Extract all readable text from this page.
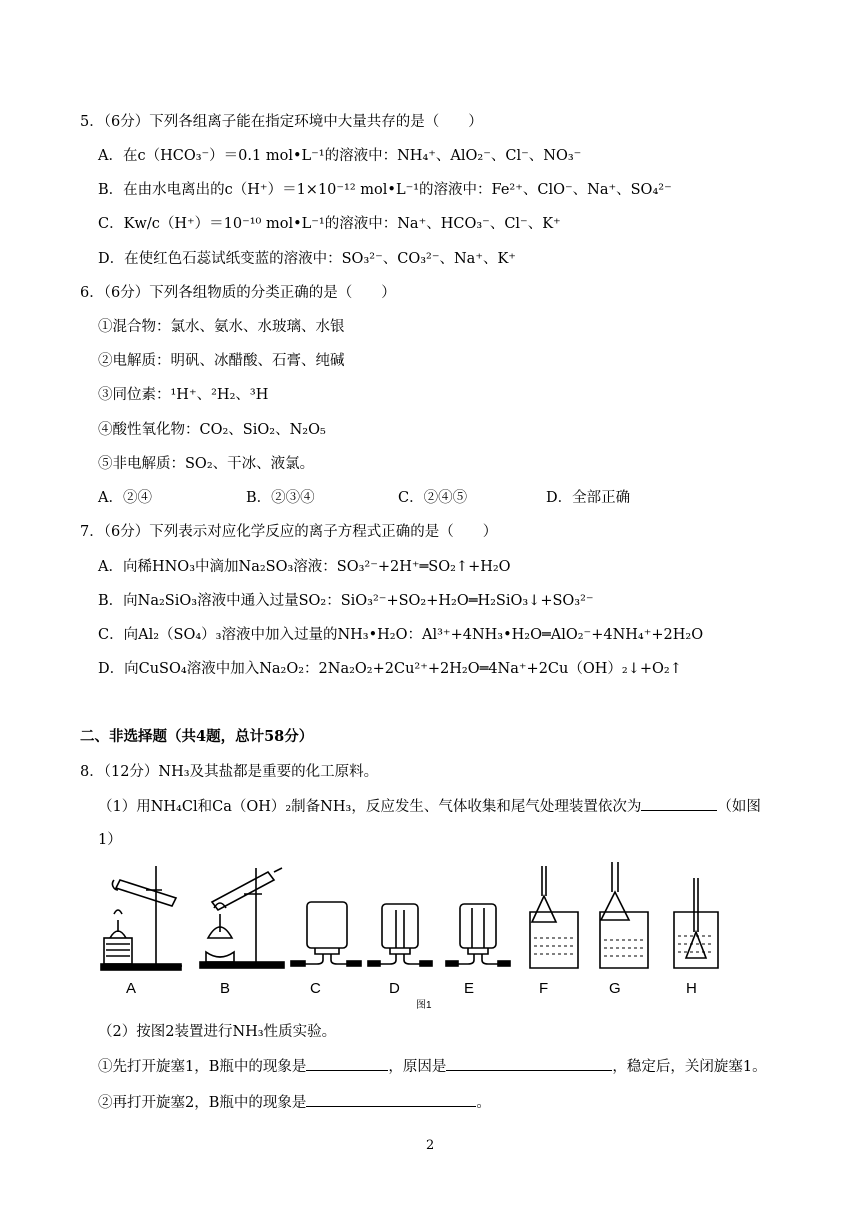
5．（6分）下列各组离子能在指定环境中大量共存的是（　　）
A．在c（HCO₃⁻）＝0.1 mol•L⁻¹的溶液中：NH₄⁺、AlO₂⁻、Cl⁻、NO₃⁻
B．在由水电离出的c（H⁺）＝1×10⁻¹² mol•L⁻¹的溶液中：Fe²⁺、ClO⁻、Na⁺、SO₄²⁻
C．Kw/c（H⁺）＝10⁻¹⁰ mol•L⁻¹的溶液中：Na⁺、HCO₃⁻、Cl⁻、K⁺
D．在使红色石蕊试纸变蓝的溶液中：SO₃²⁻、CO₃²⁻、Na⁺、K⁺
6．（6分）下列各组物质的分类正确的是（　　）
①混合物：氯水、氨水、水玻璃、水银
②电解质：明矾、冰醋酸、石膏、纯碱
③同位素：¹H⁺、²H₂、³H
④酸性氧化物：CO₂、SiO₂、N₂O₅
⑤非电解质：SO₂、干冰、液氯。
A．②④	B．②③④	C．②④⑤	D．全部正确
7．（6分）下列表示对应化学反应的离子方程式正确的是（　　）
A．向稀HNO₃中滴加Na₂SO₃溶液：SO₃²⁻+2H⁺═SO₂↑+H₂O
B．向Na₂SiO₃溶液中通入过量SO₂：SiO₃²⁻+SO₂+H₂O═H₂SiO₃↓+SO₃²⁻
C．向Al₂（SO₄）₃溶液中加入过量的NH₃•H₂O：Al³⁺+4NH₃•H₂O═AlO₂⁻+4NH₄⁺+2H₂O
D．向CuSO₄溶液中加入Na₂O₂：2Na₂O₂+2Cu²⁺+2H₂O═4Na⁺+2Cu（OH）₂↓+O₂↑
二、非选择题（共4题，总计58分）
8．（12分）NH₃及其盐都是重要的化工原料。
（1）用NH₄Cl和Ca（OH）₂制备NH₃，反应发生、气体收集和尾气处理装置依次为	（如图
1）
A	B	C	D	E	F	G	H
图1
（2）按图2装置进行NH₃性质实验。
①先打开旋塞1，B瓶中的现象是	，原因是	，稳定后，关闭旋塞1。
②再打开旋塞2，B瓶中的现象是	。
2
